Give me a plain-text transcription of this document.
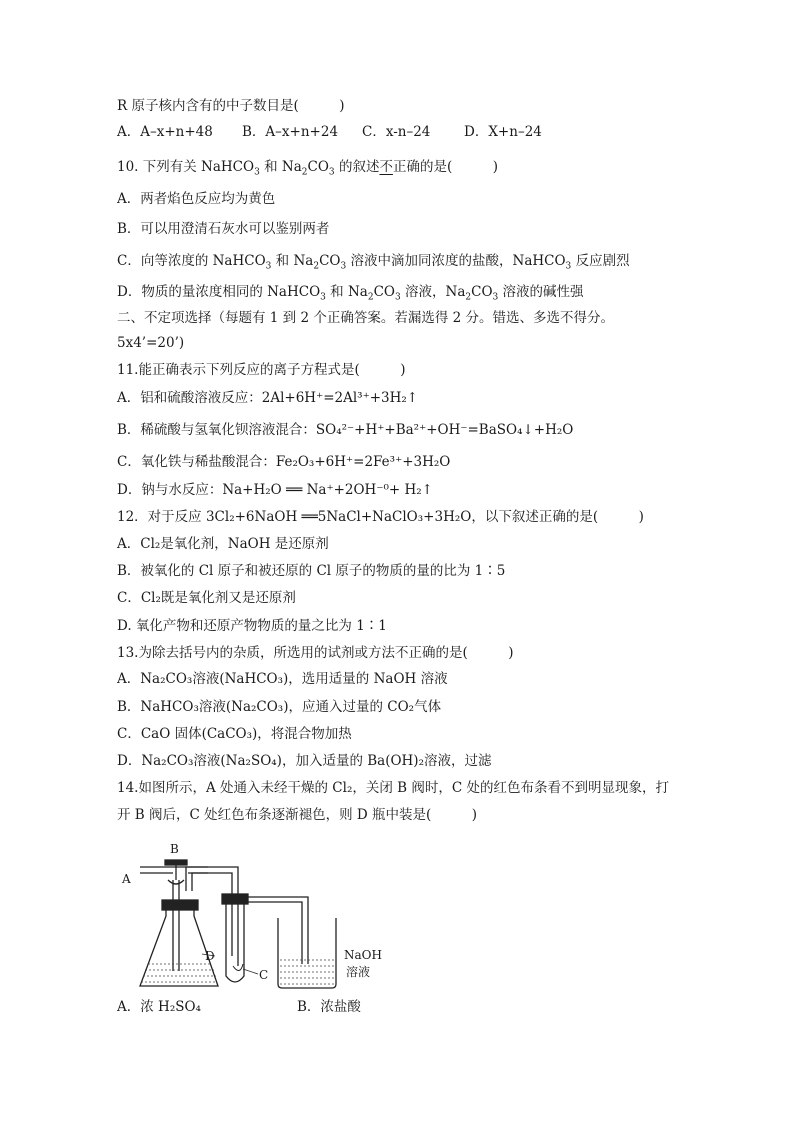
R 原子核内含有的中子数目是(　　　)
A．A–x+n+48 B．A–x+n+24 C．x-n–24 D．X+n–24
10. 下列有关 NaHCO$_3$ 和 $Na_2CO_3$ 的叙述不正确的是(　　　)
A．两者焰色反应均为黄色
B．可以用澄清石灰水可以鉴别两者
C．向等浓度的 NaHCO$_3$ 和 $Na_2CO_3$ 溶液中滴加同浓度的盐酸，NaHCO$_3$ 反应剧烈
D．物质的量浓度相同的 NaHCO$_3$ 和 $Na_2CO_3$ 溶液，$Na_2CO_3$ 溶液的碱性强
二、不定项选择（每题有 1 到 2 个正确答案。若漏选得 2 分。错选、多选不得分。
5x4’=20’)
11.能正确表示下列反应的离子方程式是(　　　)
A．铝和硫酸溶液反应：2Al+6H⁺=2Al³⁺+3H₂↑
B．稀硫酸与氢氧化钡溶液混合：SO₄²⁻+H⁺+Ba²⁺+OH⁻=BaSO₄↓+H₂O
C．氧化铁与稀盐酸混合：Fe₂O₃+6H⁺=2Fe³⁺+3H₂O
D．钠与水反应：Na+H₂O ══ Na⁺+2OH⁻⁰+ H₂↑
12．对于反应 3Cl₂+6NaOH ══5NaCl+NaClO₃+3H₂O，以下叙述正确的是(　　　)
A．Cl₂是氧化剂，NaOH 是还原剂
B．被氧化的 Cl 原子和被还原的 Cl 原子的物质的量的比为 1∶5
C．Cl₂既是氧化剂又是还原剂
D. 氧化产物和还原产物物质的量之比为 1∶1
13.为除去括号内的杂质，所选用的试剂或方法不正确的是(　　　)
A．Na₂CO₃溶液(NaHCO₃)，选用适量的 NaOH 溶液
B．NaHCO₃溶液(Na₂CO₃)，应通入过量的 CO₂气体
C．CaO 固体(CaCO₃)，将混合物加热
D．Na₂CO₃溶液(Na₂SO₄)，加入适量的 Ba(OH)₂溶液，过滤
14.如图所示，A 处通入未经干燥的 Cl₂，关闭 B 阀时，C 处的红色布条看不到明显现象，打
开 B 阀后，C 处红色布条逐渐褪色，则 D 瓶中装是(　　　)
A
B
C
D	NaOH
溶液
A．浓 H₂SO₄	B．浓盐酸
